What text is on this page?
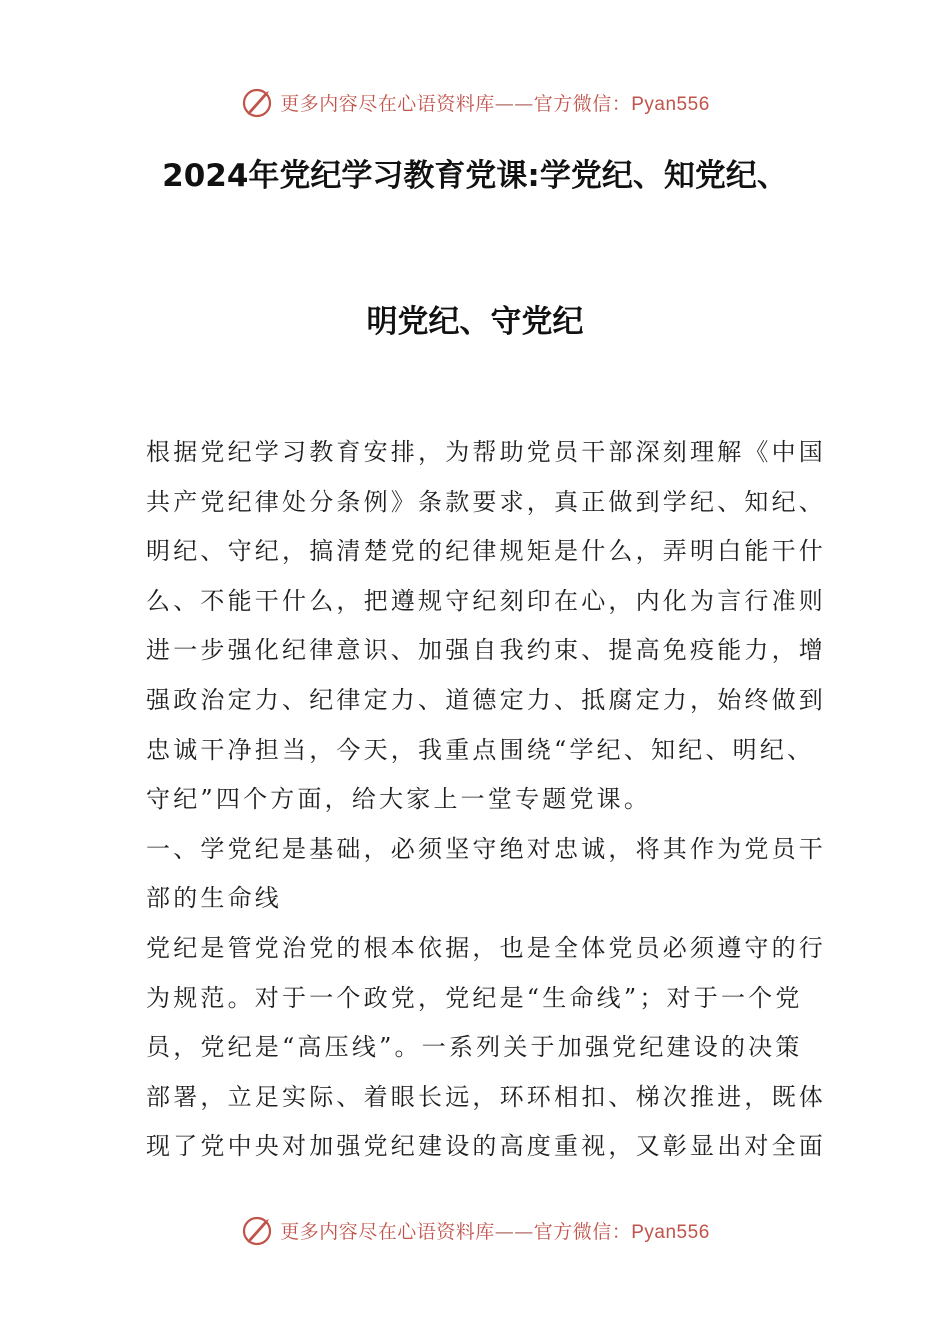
更多内容尽在心语资料库——官方微信：Pyan556
2024年党纪学习教育党课:学党纪、知党纪、
明党纪、守党纪
根据党纪学习教育安排，为帮助党员干部深刻理解《中国
共产党纪律处分条例》条款要求，真正做到学纪、知纪、
明纪、守纪，搞清楚党的纪律规矩是什么，弄明白能干什
么、不能干什么，把遵规守纪刻印在心，内化为言行准则
进一步强化纪律意识、加强自我约束、提高免疫能力，增
强政治定力、纪律定力、道德定力、抵腐定力，始终做到
忠诚干净担当，今天，我重点围绕“学纪、知纪、明纪、
守纪”四个方面，给大家上一堂专题党课。
一、学党纪是基础，必须坚守绝对忠诚，将其作为党员干
部的生命线
党纪是管党治党的根本依据，也是全体党员必须遵守的行
为规范。对于一个政党，党纪是“生命线”；对于一个党
员，党纪是“高压线”。一系列关于加强党纪建设的决策
部署，立足实际、着眼长远，环环相扣、梯次推进，既体
现了党中央对加强党纪建设的高度重视，又彰显出对全面
更多内容尽在心语资料库——官方微信：Pyan556
